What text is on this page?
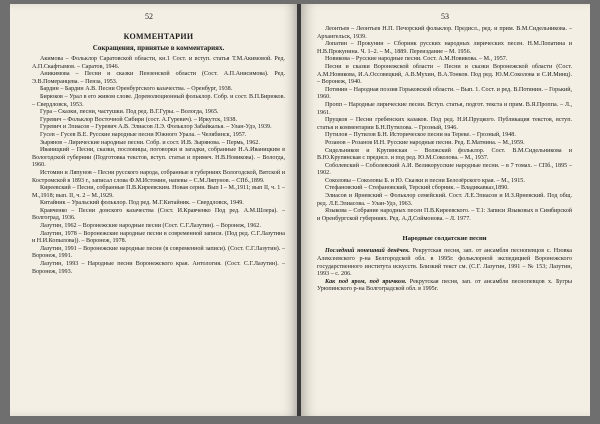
52
КОММЕНТАРИИ
Сокращения, принятые в комментариях.

Акимова – Фольклор Саратовской области, кн.1 Сост. и вступ. статья Т.М.Акимовой. Ред. А.П.Скафтымов. – Саратов, 1946.

Аникимова – Песни и сказки Пензенской области (Сост. А.П.Анисимова). Ред. Э.В.Померанцева. – Пенза, 1953.

Бардин – Бардин А.В. Песни Оренбургского казачества. – Оренбург, 1938.

Бирюков – Урал в его живом слове. Дореволюционный фольклор. Собр. и сост. В.П.Бирюков. – Свердловск, 1953.

Гура – Сказки, песни, частушки. Под ред. В.Г.Гуры. – Вологда, 1965.

Гуревич – Фольклор Восточной Сибири (сост. А.Гуревич). – Иркутск, 1938.

Гуревич и Элиасов – Гуревич А.В. Элиасов Л.Э. Фольклор Забайкалья. – Улан-Удэ, 1939.

Гусев – Гусев В.Е. Русские народные песни Южного Урала. – Челябинск, 1957.

Зырянов – Лирические народные песни. Собр. и сост. И.В. Зырянова. – Пермь, 1962.

Иваницкий – Песни, сказки, пословицы, поговорки и загадки, собранные Н.А.Иваницким в Вологодской губернии (Подготовка текстов, вступ. статья и примеч. Н.В.Новикова). – Вологда, 1960.

Истомин и Ляпунов – Песни русского народа, собранные в губерниях Вологодской, Вятской и Костромской в 1893 г., записал слова Ф.М.Истомин, напевы – С.М.Ляпунов. – СПб.,1899.

Киреевский – Песни, собранные П.В.Киреевским. Новая серия. Вып I – М.,1911; вып II, ч. 1 – М.,1918; вып. II, ч. 2 – М.,1929.

Китайник – Уральский фольклор. Под ред. М.Г.Китайник. – Свердловск, 1949.

Кравченко – Песни донского казачества (Сост. И.Кравченко Под ред. А.М.Шлера). – Волгоград, 1936.

Лазутин, 1962 – Воронежские народные песни (Сост. С.Г.Лазутин). – Воронеж, 1962.

Лазутин, 1978 – Воронежские народные песни в современной записи. (Под ред. С.Г.Лазутина и Н.И.Копылова)). – Воронеж, 1978.

Лазутин, 1991 – Воронежские народные песни (в современной записи). (Сост. С.Г.Лазутин). – Воронеж, 1991.

Лазутин, 1993 – Народные песни Воронежского края. Антология. (Сост. С.Г.Лазутин). – Воронеж, 1993.

53

Леонтьев – Леонтьев Н.П. Печорский фольклор. Предисл., ред. и прим. В.М.Сидельникова. – Архангельск, 1939.

Лопатин – Прокунин – Сборник русских народных лирических песен. Н.М.Лопатина и Н.В.Прокунина. Ч. 1–2. – М., 1889. Переиздание – М. 1956.

Новикова – Русские народные песни. Сост. А.М.Новикова. – М., 1957.

Песни и сказки Воронежской области – Песни и сказки Воронежской области (Сост. А.М.Новикова, И.А.Оссовецкий, А.В.Мухин, В.А.Тонков. Под ред. Ю.М.Соколова и С.И.Минц). – Воронеж, 1940.

Потянин – Народная поэзия Горьковской области. – Вып. 1. Сост. и ред. В.Потянин. – Горький, 1960.

Пропп – Народные лирические песни. Вступ. статья, подгот. текста и прим. В.Я.Проппа. – Л., 1961.

Пруцков – Песни гребенских казаков. Под ред. Н.И.Пруцкого. Публикация текстов, вступ. статья и комментарии Б.Н.Путилова. – Грозный, 1946.

Путилов – Путилов Б.Н. Историческое песни на Тереке. – Грозный, 1948.

Розанов – Розанов И.Н. Русские народные песни. Ред. Е.Матнина. – М.,1959.

Сидельников и Крупянская – Волжский фольклор. Сост. В.М.Сидельникова и В.Ю.Крупянская с предисл. и под ред. Ю.М.Соколова. – М., 1937.

Соболевский – Соболевский А.И. Великорусские народные песни. – в 7 томах. – СПб., 1895 – 1902.

Соколовы – Соколовы Б. и Ю. Сказки и песни Белозёрского края. – М., 1915.

Стефановский – Стефановский, Терский сборник. – Владикавказ,1890.

Элиасов и Ярневский – Фольклор семейский. Сост. Л.Е.Элиасов и И.З.Ярневский. Под общ. ред. Л.Е.Элиасова. – Улан-Удэ, 1963.

Языкова – Собрание народных песен П.В.Киреевского. – Т.1: Записи Языковых в Симбирской и Оренбургской губерниях. Ред. А.Д.Соймонова. – Л. 1977.

Народные солдатские песни

Последний нонешний денёчек. Рекрутская песня, зап. от ансамбля песнопевцов с. Нзовка Алексеевского р-на Белгородской обл. в 1995г. фольклорной экспедицией Воронежского государственного института искусств. Близкий текст см. (С.Г. Лазутин, 1991 – № 153; Лазутин, 1993 – с. 206.

Как под яром, под яричком. Рекрутская песня, зап. от ансамбля песнопевцов х. Бугры Урюпинского р-на Волгоградской обл. в 1995г.
